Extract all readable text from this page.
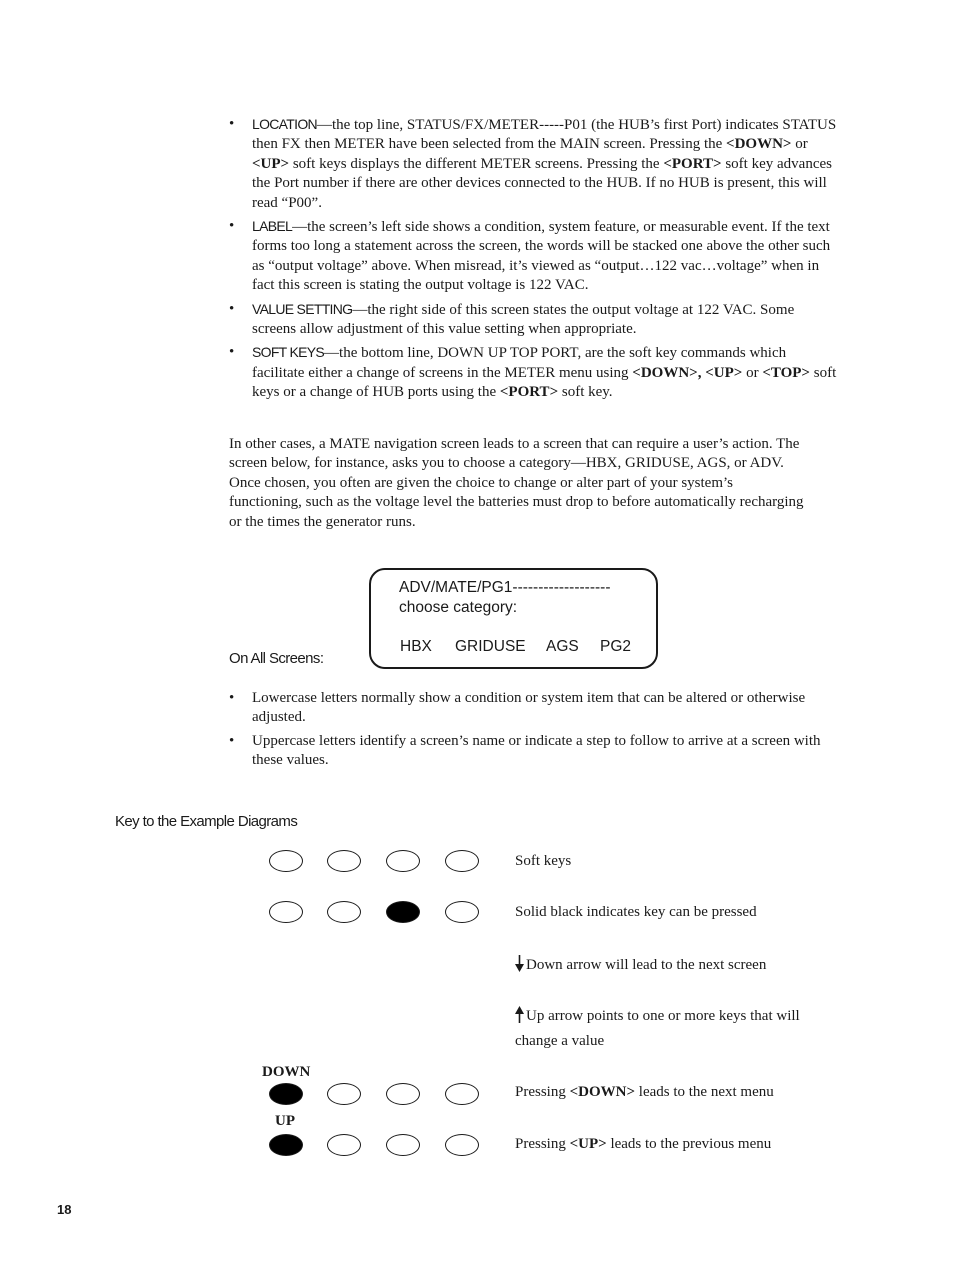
• LOCATION—the top line, STATUS/FX/METER-----P01 (the HUB’s first Port) indicates STATUS then FX then METER have been selected from the MAIN screen. Pressing the <DOWN> or <UP> soft keys displays the different METER screens. Pressing the <PORT> soft key advances the Port number if there are other devices connected to the HUB. If no HUB is present, this will read “P00”.
• LABEL—the screen’s left side shows a condition, system feature, or measurable event. If the text forms too long a statement across the screen, the words will be stacked one above the other such as “output voltage” above. When misread, it’s viewed as “output…122 vac…voltage” when in fact this screen is stating the output voltage is 122 VAC.
• VALUE SETTING—the right side of this screen states the output voltage at 122 VAC. Some screens allow adjustment of this value setting when appropriate.
• SOFT KEYS—the bottom line, DOWN UP TOP PORT, are the soft key commands which facilitate either a change of screens in the METER menu using <DOWN>, <UP> or <TOP> soft keys or a change of HUB ports using the <PORT> soft key.
In other cases, a MATE navigation screen leads to a screen that can require a user’s action. The screen below, for instance, asks you to choose a category—HBX, GRIDUSE, AGS, or ADV. Once chosen, you often are given the choice to change or alter part of your system’s functioning, such as the voltage level the batteries must drop to before automatically recharging or the times the generator runs.
On All Screens:
ADV/MATE/PG1-------------------
choose category:
HBX GRIDUSE AGS PG2
• Lowercase letters normally show a condition or system item that can be altered or otherwise adjusted.
• Uppercase letters identify a screen’s name or indicate a step to follow to arrive at a screen with these values.
Key to the Example Diagrams
DOWN
UP
Soft keys
Solid black indicates key can be pressed
Down arrow will lead to the next screen
Up arrow points to one or more keys that will
change a value
Pressing <DOWN> leads to the next menu
Pressing <UP> leads to the previous menu
18
